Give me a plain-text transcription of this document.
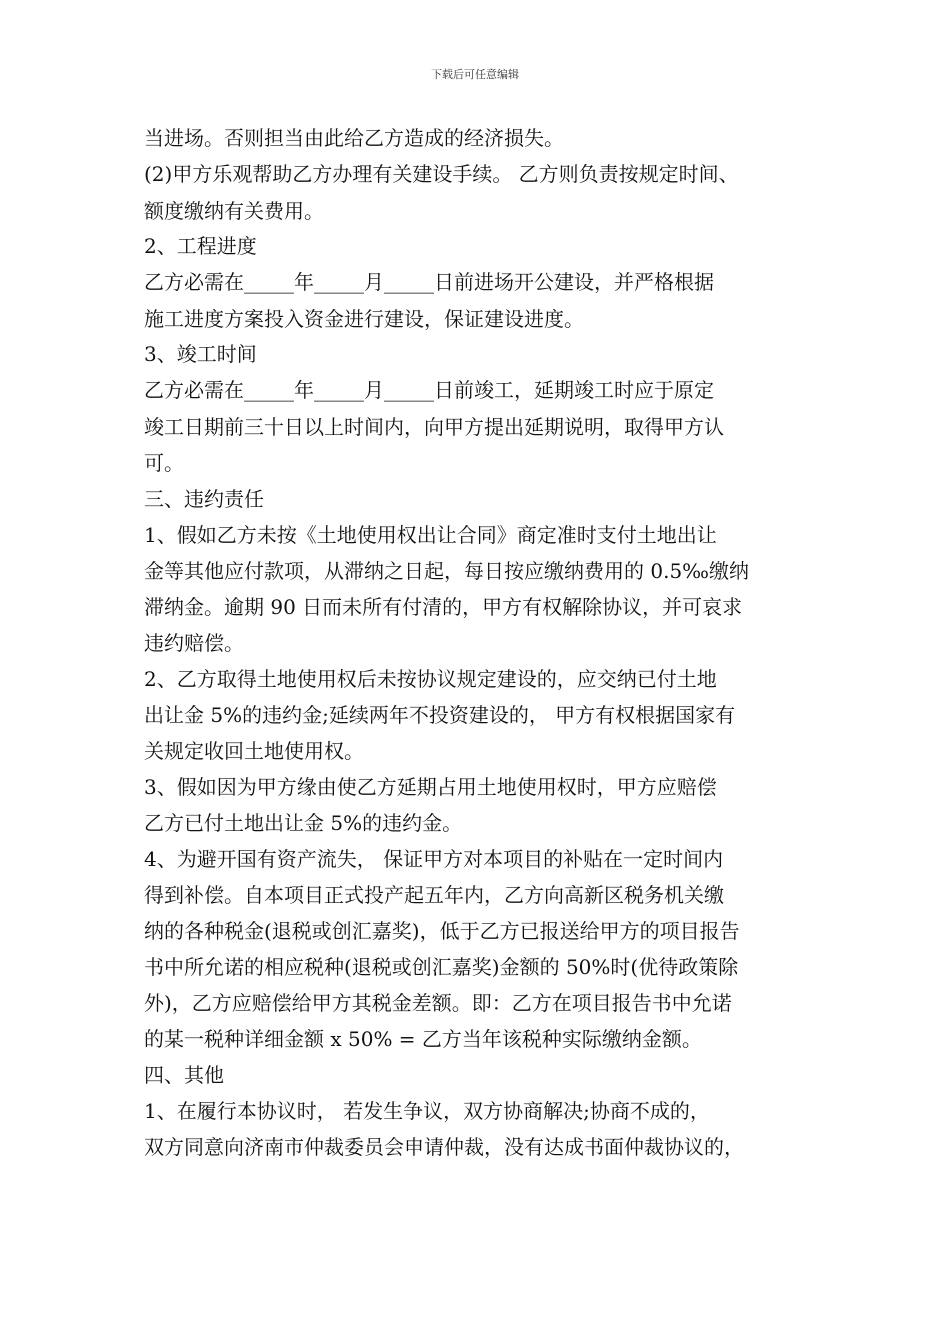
下载后可任意编辑
当进场。否则担当由此给乙方造成的经济损失。
(2)甲方乐观帮助乙方办理有关建设手续。 乙方则负责按规定时间、
额度缴纳有关费用。
2、工程进度
乙方必需在_____年_____月_____日前进场开公建设，并严格根据
施工进度方案投入资金进行建设，保证建设进度。
3、竣工时间
乙方必需在_____年_____月_____日前竣工，延期竣工时应于原定
竣工日期前三十日以上时间内，向甲方提出延期说明，取得甲方认
可。
三、违约责任
1、假如乙方未按《土地使用权出让合同》商定准时支付土地出让
金等其他应付款项，从滞纳之日起，每日按应缴纳费用的 0.5‰缴纳
滞纳金。逾期 90 日而未所有付清的，甲方有权解除协议，并可哀求
违约赔偿。
2、乙方取得土地使用权后未按协议规定建设的，应交纳已付土地
出让金 5%的违约金;延续两年不投资建设的， 甲方有权根据国家有
关规定收回土地使用权。
3、假如因为甲方缘由使乙方延期占用土地使用权时，甲方应赔偿
乙方已付土地出让金 5%的违约金。
4、为避开国有资产流失， 保证甲方对本项目的补贴在一定时间内
得到补偿。自本项目正式投产起五年内，乙方向高新区税务机关缴
纳的各种税金(退税或创汇嘉奖)，低于乙方已报送给甲方的项目报告
书中所允诺的相应税种(退税或创汇嘉奖)金额的 50%时(优待政策除
外)，乙方应赔偿给甲方其税金差额。即：乙方在项目报告书中允诺
的某一税种详细金额 x 50% = 乙方当年该税种实际缴纳金额。
四、其他
1、在履行本协议时， 若发生争议，双方协商解决;协商不成的，
双方同意向济南市仲裁委员会申请仲裁，没有达成书面仲裁协议的，
